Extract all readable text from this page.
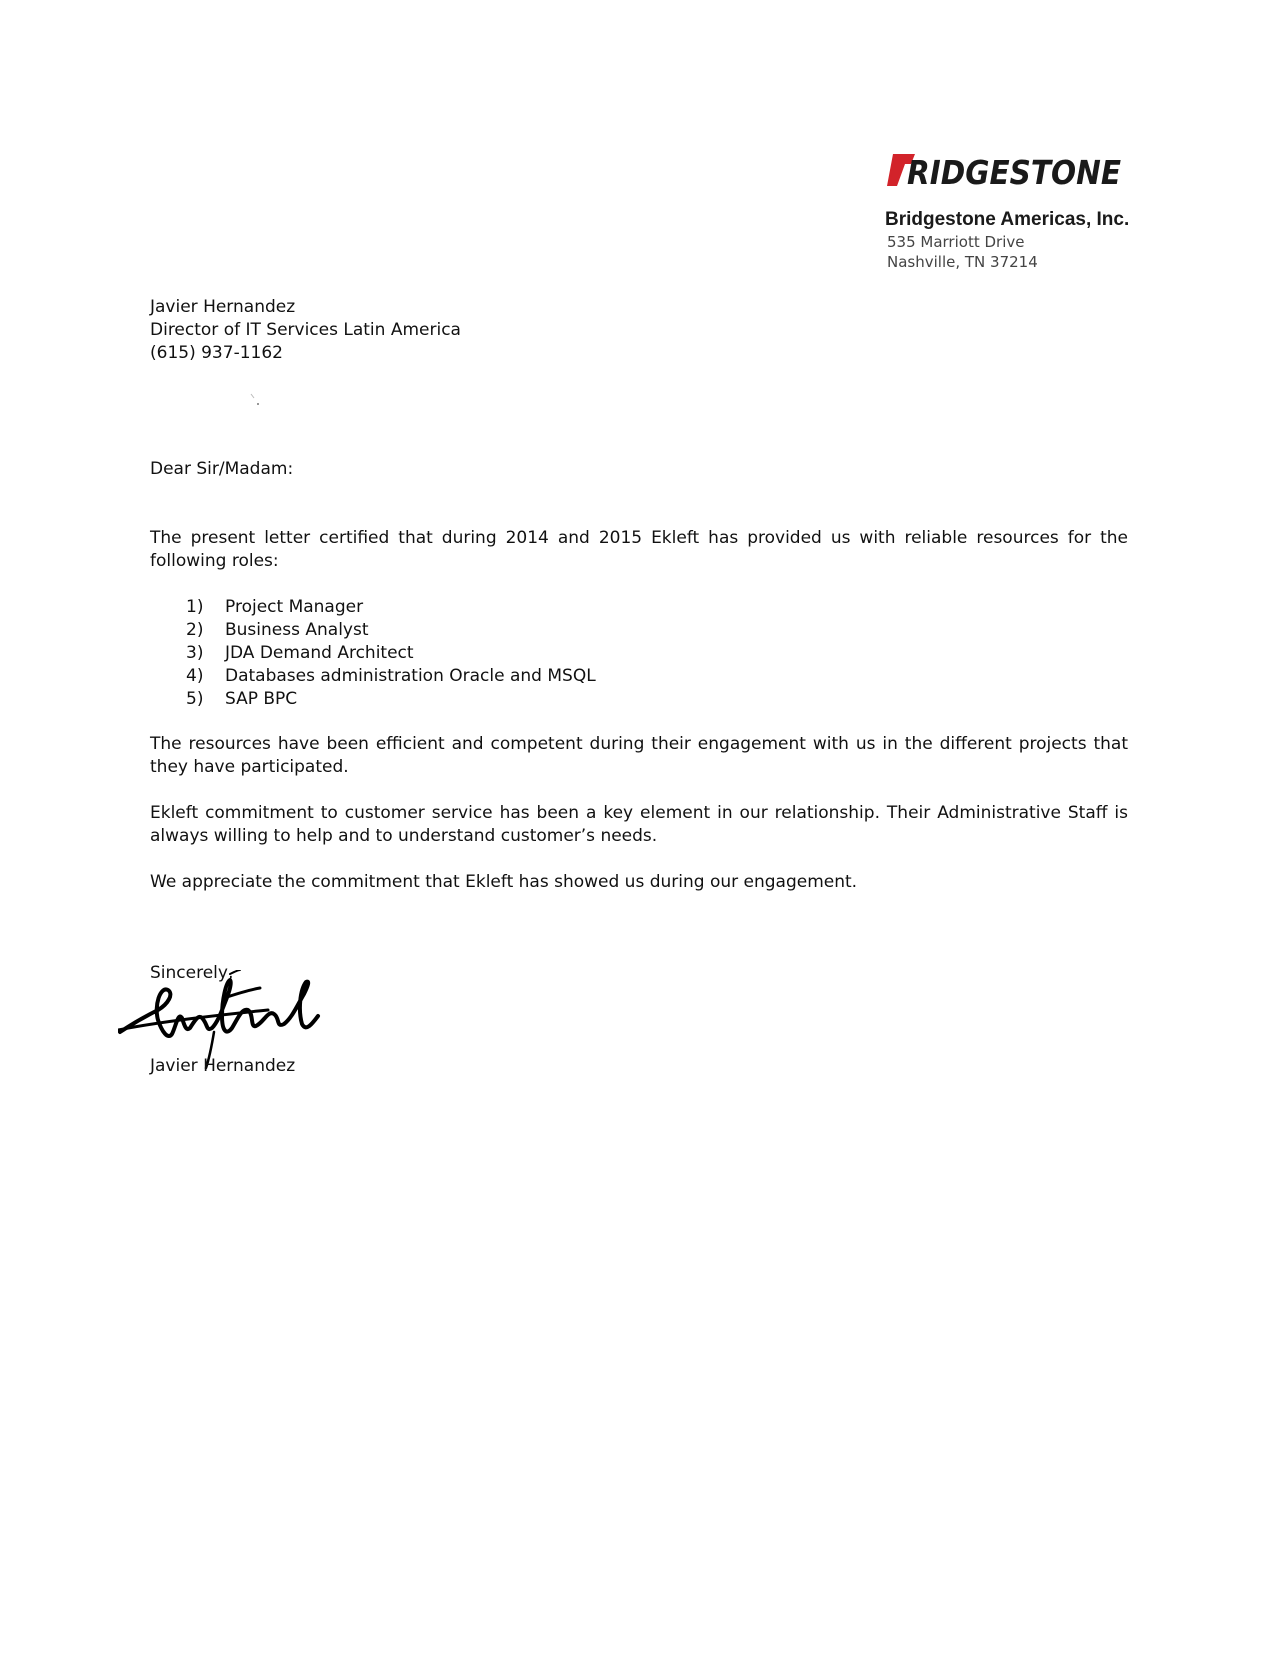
RIDGESTONE
Bridgestone Americas, Inc.
535 Marriott Drive
Nashville, TN 37214
Javier Hernandez
Director of IT Services Latin America
(615) 937-1162
Dear Sir/Madam:
The present letter certified that during 2014 and 2015 Ekleft has provided us with reliable resources for the following roles:
1)	Project Manager
2)	Business Analyst
3)	JDA Demand Architect
4)	Databases administration Oracle and MSQL
5)	SAP BPC
The resources have been efficient and competent during their engagement with us in the different projects that they have participated.
Ekleft commitment to customer service has been a key element in our relationship. Their Administrative Staff is always willing to help and to understand customer’s needs.
We appreciate the commitment that Ekleft has showed us during our engagement.
Sincerely,
Javier Hernandez
